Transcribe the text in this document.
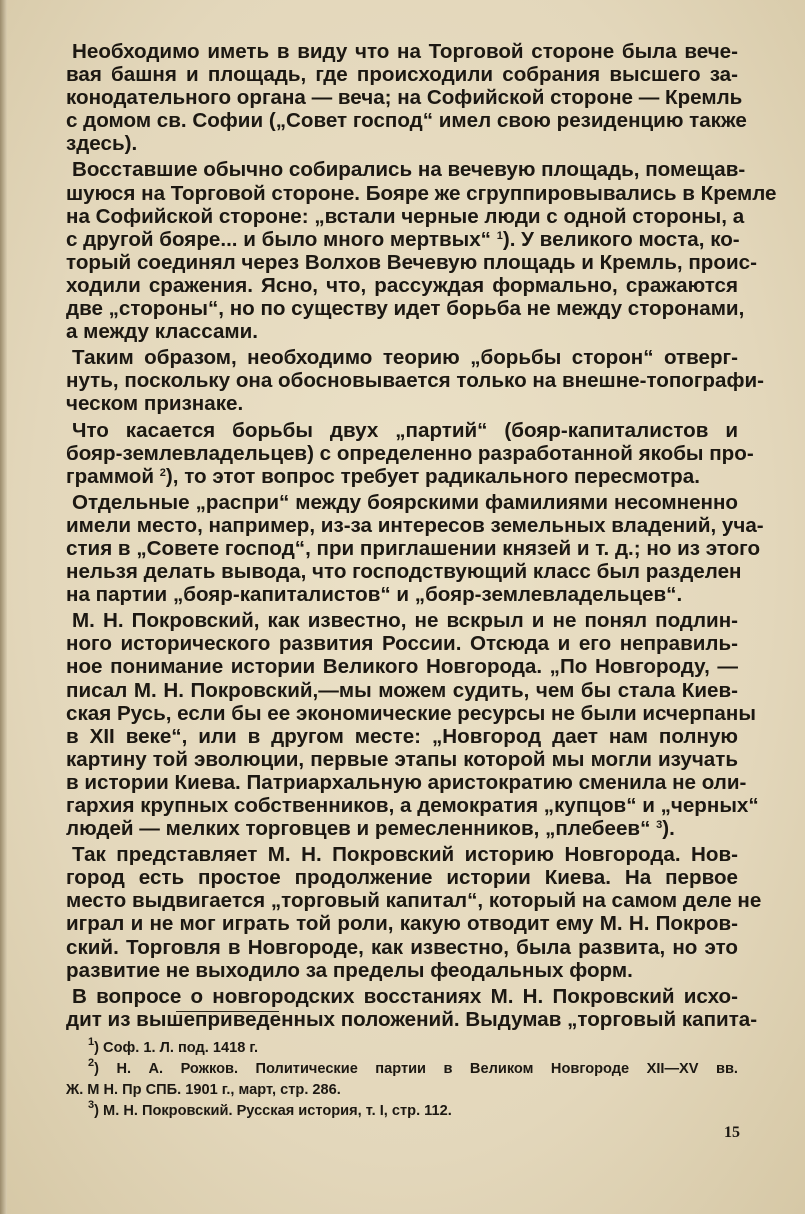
Необходимо иметь в виду что на Торговой стороне была вече-
вая башня и площадь, где происходили собрания высшего за-
конодательного органа — веча; на Софийской стороне — Кремль
с домом св. Софии („Совет господ“ имел свою резиденцию также
здесь).

Восставшие обычно собирались на вечевую площадь, помещав-
шуюся на Торговой стороне. Бояре же сгруппировывались в Кремле
на Софийской стороне: „встали черные люди с одной стороны, а
с другой бояре... и было много мертвых“ $^1$). У великого моста, ко-
торый соединял через Волхов Вечевую площадь и Кремль, проис-
ходили сражения. Ясно, что, рассуждая формально, сражаются
две „стороны“, но по существу идет борьба не между сторонами,
а между классами.

Таким образом, необходимо теорию „борьбы сторон“ отверг-
нуть, поскольку она обосновывается только на внешне-топографи-
ческом признаке.

Что касается борьбы двух „партий“ (бояр-капиталистов и
бояр-землевладельцев) с определенно разработанной якобы про-
граммой $^2$), то этот вопрос требует радикального пересмотра.

Отдельные „распри“ между боярскими фамилиями несомненно
имели место, например, из-за интересов земельных владений, уча-
стия в „Совете господ“, при приглашении князей и т. д.; но из этого
нельзя делать вывода, что господствующий класс был разделен
на партии „бояр-капиталистов“ и „бояр-землевладельцев“.

М. Н. Покровский, как известно, не вскрыл и не понял подлин-
ного исторического развития России. Отсюда и его неправиль-
ное понимание истории Великого Новгорода. „По Новгороду, —
писал М. Н. Покровский,—мы можем судить, чем бы стала Киев-
ская Русь, если бы ее экономические ресурсы не были исчерпаны
в XII веке“, или в другом месте: „Новгород дает нам полную
картину той эволюции, первые этапы которой мы могли изучать
в истории Киева. Патриархальную аристократию сменила не оли-
гархия крупных собственников, а демократия „купцов“ и „черных“
людей — мелких торговцев и ремесленников, „плебеев“ $^3$).

Так представляет М. Н. Покровский историю Новгорода. Нов-
город есть простое продолжение истории Киева. На первое
место выдвигается „торговый капитал“, который на самом деле не
играл и не мог играть той роли, какую отводит ему М. Н. Покров-
ский. Торговля в Новгороде, как известно, была развита, но это
развитие не выходило за пределы феодальных форм.

В вопросе о новгородских восстаниях М. Н. Покровский исхо-
дит из вышеприведенных положений. Выдумав „торговый капита-

$^1$) Соф. 1. Л. под. 1418 г.
$^2$) Н. А. Рожков. Политические партии в Великом Новгороде XII—XV вв.
Ж. М Н. Пр СПБ. 1901 г., март, стр. 286.
$^3$) М. Н. Покровский. Русская история, т. I, стр. 112.
15
